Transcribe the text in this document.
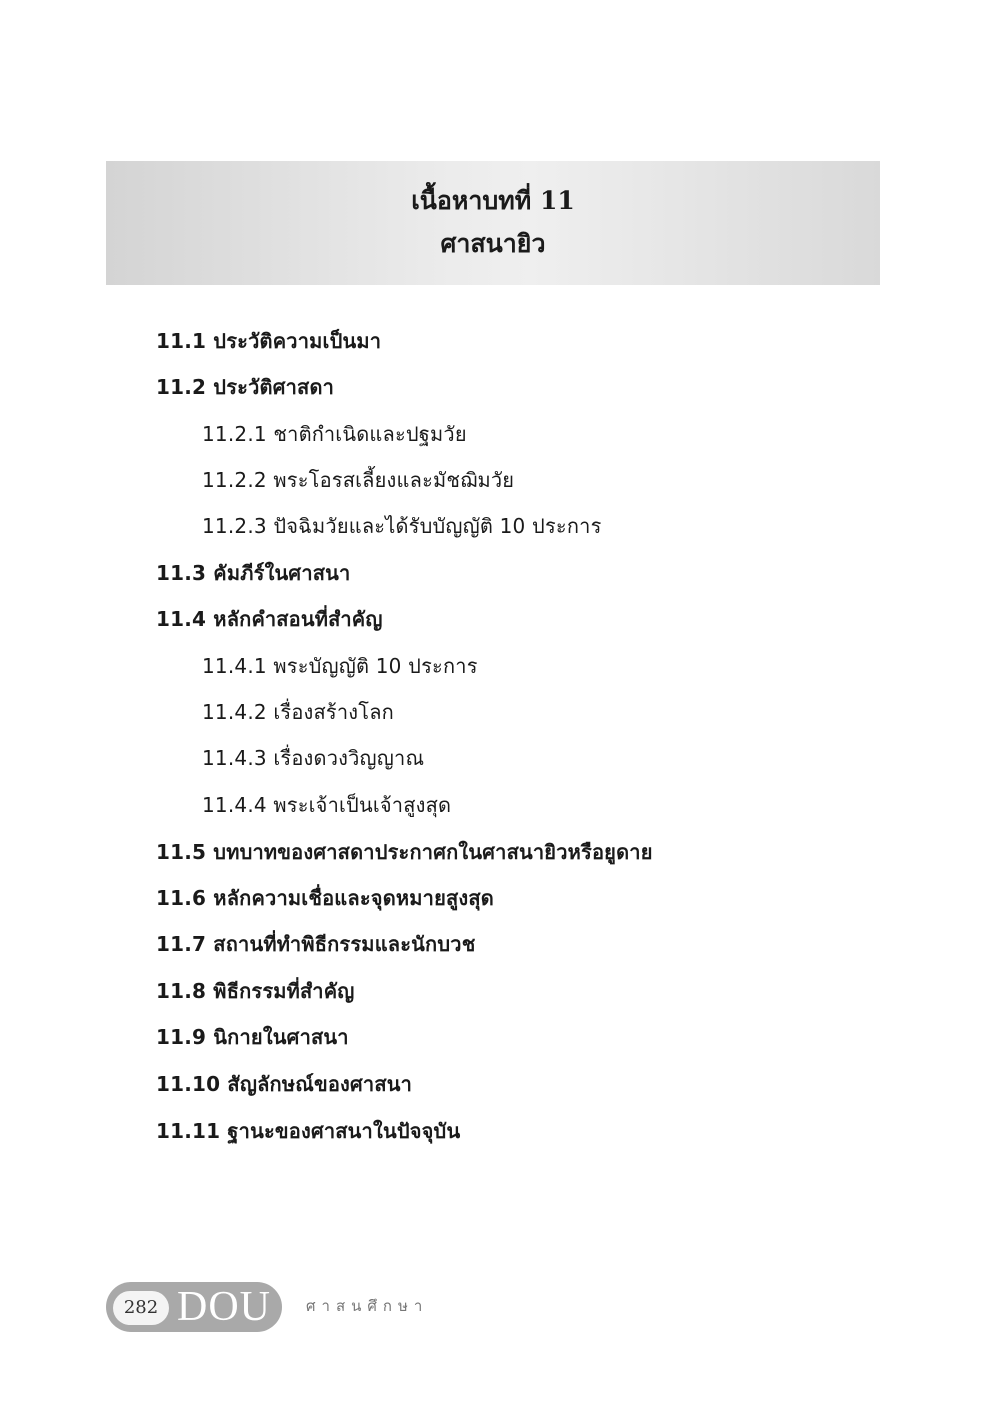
เนื้อหาบทที่ 11
ศาสนายิว
11.1 ประวัติความเป็นมา
11.2 ประวัติศาสดา
11.2.1 ชาติกำเนิดและปฐมวัย
11.2.2 พระโอรสเลี้ยงและมัชฌิมวัย
11.2.3 ปัจฉิมวัยและได้รับบัญญัติ 10 ประการ
11.3 คัมภีร์ในศาสนา
11.4 หลักคำสอนที่สำคัญ
11.4.1 พระบัญญัติ 10 ประการ
11.4.2 เรื่องสร้างโลก
11.4.3 เรื่องดวงวิญญาณ
11.4.4 พระเจ้าเป็นเจ้าสูงสุด
11.5 บทบาทของศาสดาประกาศกในศาสนายิวหรือยูดาย
11.6 หลักความเชื่อและจุดหมายสูงสุด
11.7 สถานที่ทำพิธีกรรมและนักบวช
11.8 พิธีกรรมที่สำคัญ
11.9 นิกายในศาสนา
11.10 สัญลักษณ์ของศาสนา
11.11 ฐานะของศาสนาในปัจจุบัน
282 DOU ศาสนศึกษา
